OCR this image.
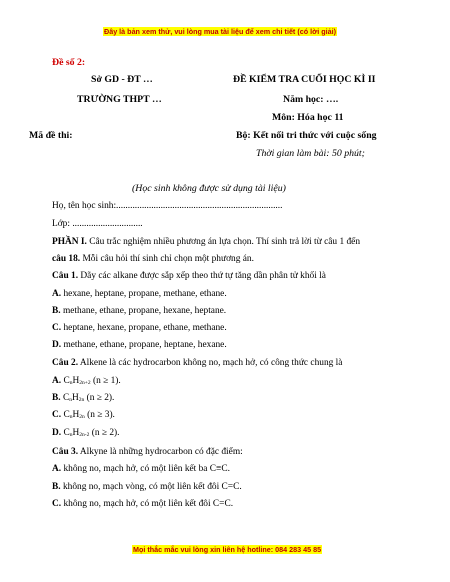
Đây là bản xem thử, vui lòng mua tài liệu để xem chi tiết (có lời giải)
Đề số 2:
Sở GD - ĐT …
TRƯỜNG THPT …
Mã đề thi:
ĐỀ KIỂM TRA CUỐI HỌC KÌ II
Năm học: ….
Môn: Hóa học 11
Bộ: Kết nối tri thức với cuộc sống
Thời gian làm bài: 50 phút;
(Học sinh không được sử dụng tài liệu)
Họ, tên học sinh:.......................................................................
Lớp: ..............................
PHẦN I. Câu trắc nghiệm nhiều phương án lựa chọn. Thí sinh trả lời từ câu 1 đến
câu 18. Mỗi câu hỏi thí sinh chỉ chọn một phương án.
Câu 1. Dãy các alkane được sắp xếp theo thứ tự tăng dần phân tử khối là
A. hexane, heptane, propane, methane, ethane.
B. methane, ethane, propane, hexane, heptane.
C. heptane, hexane, propane, ethane, methane.
D. methane, ethane, propane, heptane, hexane.
Câu 2. Alkene là các hydrocarbon không no, mạch hở, có công thức chung là
A. $C_nH_{2n+2}$ (n ≥ 1).
B. $C_nH_{2n}$ (n ≥ 2).
C. $C_nH_{2n}$ (n ≥ 3).
D. $C_nH_{2n-2}$ (n ≥ 2).
Câu 3. Alkyne là những hydrocarbon có đặc điểm:
A. không no, mạch hở, có một liên kết ba C≡C.
B. không no, mạch vòng, có một liên kết đôi C=C.
C. không no, mạch hở, có một liên kết đôi C=C.
Mọi thắc mắc vui lòng xin liên hệ hotline: 084 283 45 85
